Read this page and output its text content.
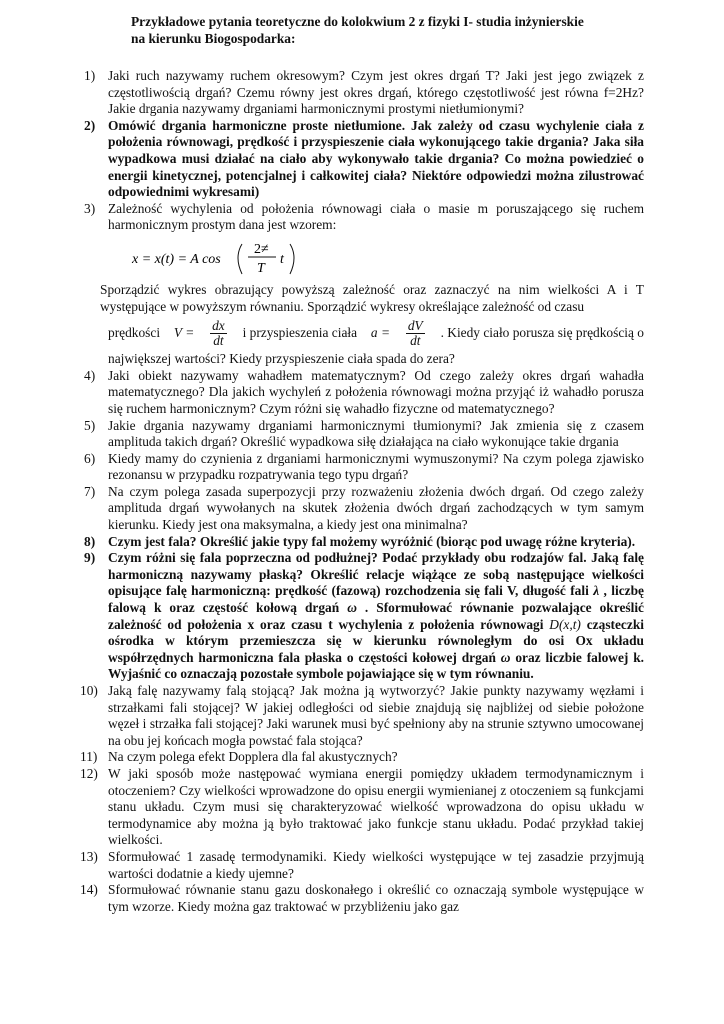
Przykładowe pytania teoretyczne do kolokwium 2 z fizyki I- studia inżynierskie
na kierunku Biogospodarka:
1) Jaki ruch nazywamy ruchem okresowym? Czym jest okres drgań T? Jaki jest jego związek z częstotliwością drgań? Czemu równy jest okres drgań, którego częstotliwość jest równa f=2Hz? Jakie drgania nazywamy drganiami harmonicznymi prostymi nietłumionymi?
2) Omówić drgania harmoniczne proste nietłumione. Jak zależy od czasu wychylenie ciała z położenia równowagi, prędkość i przyspieszenie ciała wykonującego takie drgania? Jaka siła wypadkowa musi działać na ciało aby wykonywało takie drgania? Co można powiedzieć o energii kinetycznej, potencjalnej i całkowitej ciała? Niektóre odpowiedzi można zilustrować odpowiednimi wykresami)
3) Zależność wychylenia od położenia równowagi ciała o masie m poruszającego się ruchem harmonicznym prostym dana jest wzorem:
x = x(t) = A cos
2≠
T
t
Sporządzić wykres obrazujący powyższą zależność oraz zaznaczyć na nim wielkości A i T występujące w powyższym równaniu. Sporządzić wykresy określające zależność od czasu
prędkości $V = \frac{dx}{dt}$ i przyspieszenia ciała $a = \frac{dV}{dt}$ . Kiedy ciało porusza się prędkością o
największej wartości? Kiedy przyspieszenie ciała spada do zera?
4) Jaki obiekt nazywamy wahadłem matematycznym? Od czego zależy okres drgań wahadła matematycznego? Dla jakich wychyleń z położenia równowagi można przyjąć iż wahadło porusza się ruchem harmonicznym? Czym różni się wahadło fizyczne od matematycznego?
5) Jakie drgania nazywamy drganiami harmonicznymi tłumionymi? Jak zmienia się z czasem amplituda takich drgań? Określić wypadkowa siłę działająca na ciało wykonujące takie drgania
6) Kiedy mamy do czynienia z drganiami harmonicznymi wymuszonymi? Na czym polega zjawisko rezonansu w przypadku rozpatrywania tego typu drgań?
7) Na czym polega zasada superpozycji przy rozważeniu złożenia dwóch drgań. Od czego zależy amplituda drgań wywołanych na skutek złożenia dwóch drgań zachodzących w tym samym kierunku. Kiedy jest ona maksymalna, a kiedy jest ona minimalna?
8) Czym jest fala? Określić jakie typy fal możemy wyróżnić (biorąc pod uwagę różne kryteria).
9) Czym różni się fala poprzeczna od podłużnej? Podać przykłady obu rodzajów fal. Jaką falę harmoniczną nazywamy płaską? Określić relacje wiążące ze sobą następujące wielkości opisujące falę harmoniczną: prędkość (fazową) rozchodzenia się fali V, długość fali λ , liczbę falową k oraz częstość kołową drgań ω . Sformułować równanie pozwalające określić zależność od położenia x oraz czasu t wychylenia z położenia równowagi D(x,t) cząsteczki ośrodka w którym przemieszcza się w kierunku równoległym do osi Ox układu współrzędnych harmoniczna fala płaska o częstości kołowej drgań ω oraz liczbie falowej k. Wyjaśnić co oznaczają pozostałe symbole pojawiające się w tym równaniu.
10) Jaką falę nazywamy falą stojącą? Jak można ją wytworzyć? Jakie punkty nazywamy węzłami i strzałkami fali stojącej? W jakiej odległości od siebie znajdują się najbliżej od siebie położone węzeł i strzałka fali stojącej? Jaki warunek musi być spełniony aby na strunie sztywno umocowanej na obu jej końcach mogła powstać fala stojąca?
11) Na czym polega efekt Dopplera dla fal akustycznych?
12) W jaki sposób może następować wymiana energii pomiędzy układem termodynamicznym i otoczeniem? Czy wielkości wprowadzone do opisu energii wymienianej z otoczeniem są funkcjami stanu układu. Czym musi się charakteryzować wielkość wprowadzona do opisu układu w termodynamice aby można ją było traktować jako funkcje stanu układu. Podać przykład takiej wielkości.
13) Sformułować 1 zasadę termodynamiki. Kiedy wielkości występujące w tej zasadzie przyjmują wartości dodatnie a kiedy ujemne?
14) Sformułować równanie stanu gazu doskonałego i określić co oznaczają symbole występujące w tym wzorze. Kiedy można gaz traktować w przybliżeniu jako gaz
